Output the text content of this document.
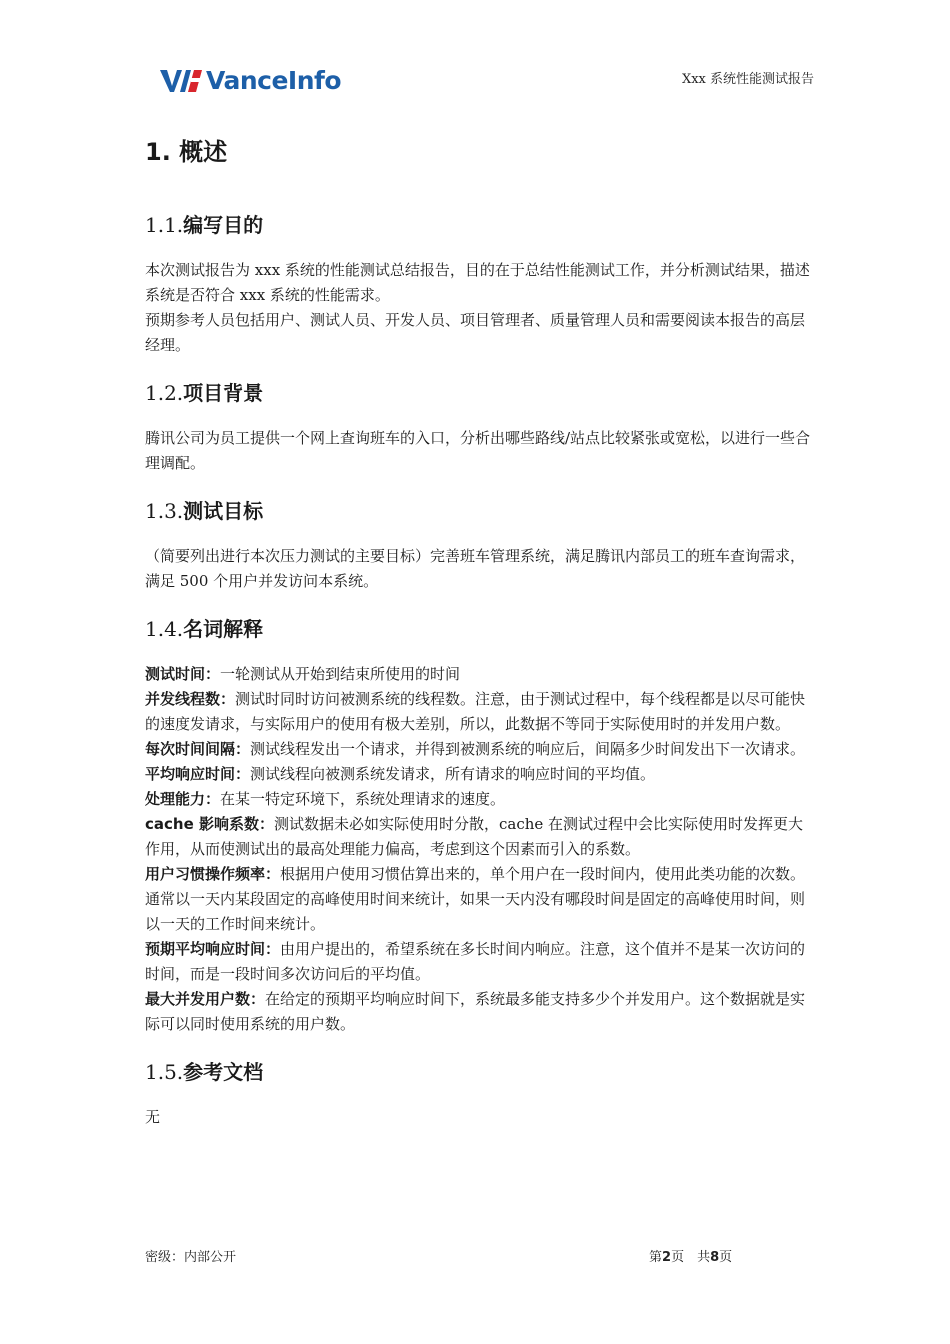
VanceInfo	Xxx 系统性能测试报告
1. 概述
1.1.编写目的

本次测试报告为 xxx 系统的性能测试总结报告，目的在于总结性能测试工作，并分析测试结果，描述系统是否符合 xxx 系统的性能需求。

预期参考人员包括用户、测试人员、开发人员、项目管理者、质量管理人员和需要阅读本报告的高层经理。

1.2.项目背景

腾讯公司为员工提供一个网上查询班车的入口，分析出哪些路线/站点比较紧张或宽松，以进行一些合理调配。

1.3.测试目标

（简要列出进行本次压力测试的主要目标）完善班车管理系统，满足腾讯内部员工的班车查询需求，满足 500 个用户并发访问本系统。

1.4.名词解释

测试时间：一轮测试从开始到结束所使用的时间

并发线程数：测试时同时访问被测系统的线程数。注意，由于测试过程中，每个线程都是以尽可能快的速度发请求，与实际用户的使用有极大差别，所以，此数据不等同于实际使用时的并发用户数。

每次时间间隔：测试线程发出一个请求，并得到被测系统的响应后，间隔多少时间发出下一次请求。

平均响应时间：测试线程向被测系统发请求，所有请求的响应时间的平均值。

处理能力：在某一特定环境下，系统处理请求的速度。

cache 影响系数：测试数据未必如实际使用时分散，cache 在测试过程中会比实际使用时发挥更大作用，从而使测试出的最高处理能力偏高，考虑到这个因素而引入的系数。

用户习惯操作频率：根据用户使用习惯估算出来的，单个用户在一段时间内，使用此类功能的次数。通常以一天内某段固定的高峰使用时间来统计，如果一天内没有哪段时间是固定的高峰使用时间，则以一天的工作时间来统计。

预期平均响应时间：由用户提出的，希望系统在多长时间内响应。注意，这个值并不是某一次访问的时间，而是一段时间多次访问后的平均值。

最大并发用户数：在给定的预期平均响应时间下，系统最多能支持多少个并发用户。这个数据就是实际可以同时使用系统的用户数。

1.5.参考文档

无

密级：内部公开	第2页　共8页
